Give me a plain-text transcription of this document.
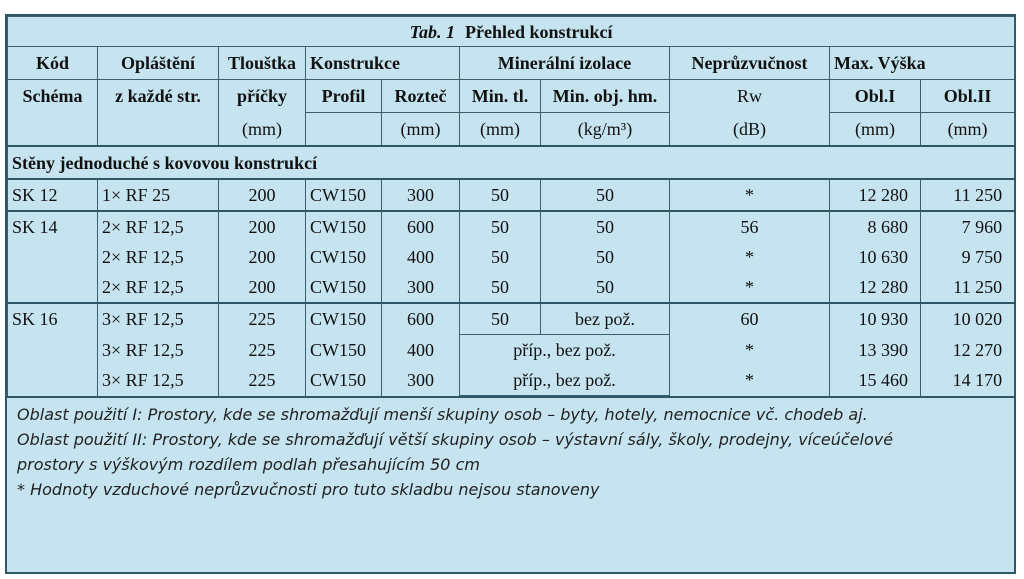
Tab. 1 Přehled konstrukcí									
Kód	Opláštění	Tlouštka	Konstrukce		Minerální izolace		Neprůzvučnost	Max. Výška	
Schéma	z každé str.	příčky	Profil	Rozteč	Min. tl.	Min. obj. hm.	Rw	Obl.I	Obl.II
		(mm)		(mm)	(mm)	(kg/m³)	(dB)	(mm)	(mm)
Stěny jednoduché s kovovou konstrukcí									
SK 12	1× RF 25	200	CW150	300	50	50	*	12 280	11 250
SK 14	2× RF 12,5	200	CW150	600	50	50	56	8 680	7 960
	2× RF 12,5	200	CW150	400	50	50	*	10 630	9 750
	2× RF 12,5	200	CW150	300	50	50	*	12 280	11 250
SK 16	3× RF 12,5	225	CW150	600	50	bez pož.	60	10 930	10 020
	3× RF 12,5	225	CW150	400	příp., bez pož.		*	13 390	12 270
	3× RF 12,5	225	CW150	300	příp., bez pož.		*	15 460	14 170
Oblast použití I: Prostory, kde se shromažďují menší skupiny osob – byty, hotely, nemocnice vč. chodeb aj.
Oblast použití II: Prostory, kde se shromažďují větší skupiny osob – výstavní sály, školy, prodejny, víceúčelové
prostory s výškovým rozdílem podlah přesahujícím 50 cm
* Hodnoty vzduchové neprůzvučnosti pro tuto skladbu nejsou stanoveny
